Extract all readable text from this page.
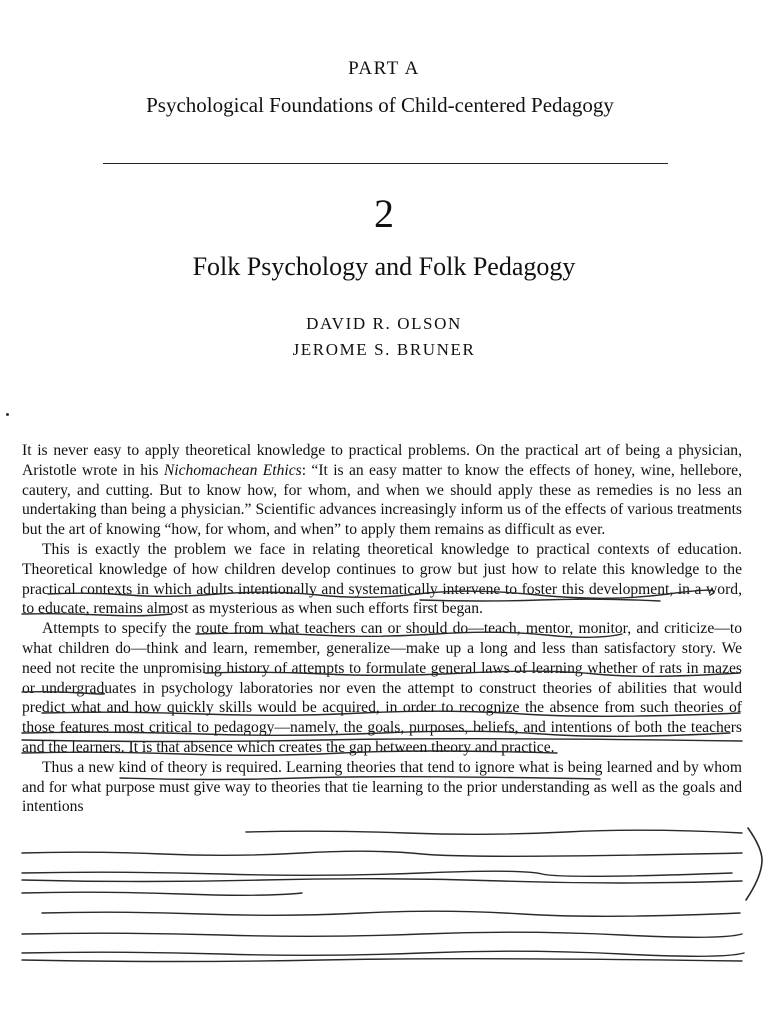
PART A
Psychological Foundations of Child-centered Pedagogy
2
Folk Psychology and Folk Pedagogy
DAVID R. OLSON
JEROME S. BRUNER

It is never easy to apply theoretical knowledge to practical problems. On the practical art of being a physician, Aristotle wrote in his Nichomachean Ethics: “It is an easy matter to know the effects of honey, wine, hellebore, cautery, and cutting. But to know how, for whom, and when we should apply these as remedies is no less an undertaking than being a physician.” Scientific advances increasingly inform us of the effects of various treatments but the art of knowing “how, for whom, and when” to apply them remains as difficult as ever.

This is exactly the problem we face in relating theoretical knowledge to practical contexts of education. Theoretical knowledge of how children develop continues to grow but just how to relate this knowledge to the practical contexts in which adults intentionally and systematically intervene to foster this development, in a word, to educate, remains almost as mysterious as when such efforts first began.

Attempts to specify the route from what teachers can or should do—teach, mentor, monitor, and criticize—to what children do—think and learn, remember, generalize—make up a long and less than satisfactory story. We need not recite the unpromising history of attempts to formulate general laws of learning whether of rats in mazes or undergraduates in psychology laboratories nor even the attempt to construct theories of abilities that would predict what and how quickly skills would be acquired, in order to recognize the absence from such theories of those features most critical to pedagogy—namely, the goals, purposes, beliefs, and intentions of both the teachers and the learners. It is that absence which creates the gap between theory and practice.

Thus a new kind of theory is required. Learning theories that tend to ignore what is being learned and by whom and for what purpose must give way to theories that tie learning to the prior understanding as well as the goals and intentions
